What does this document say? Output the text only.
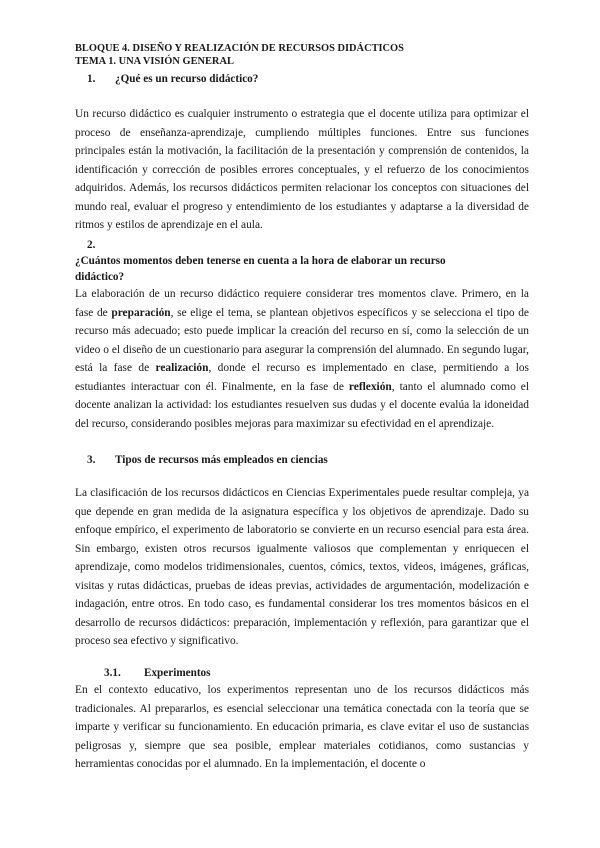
BLOQUE 4. DISEÑO Y REALIZACIÓN DE RECURSOS DIDÁCTICOS
TEMA 1. UNA VISIÓN GENERAL
1. ¿Qué es un recurso didáctico?

Un recurso didáctico es cualquier instrumento o estrategia que el docente utiliza para optimizar el proceso de enseñanza-aprendizaje, cumpliendo múltiples funciones. Entre sus funciones principales están la motivación, la facilitación de la presentación y comprensión de contenidos, la identificación y corrección de posibles errores conceptuales, y el refuerzo de los conocimientos adquiridos. Además, los recursos didácticos permiten relacionar los conceptos con situaciones del mundo real, evaluar el progreso y entendimiento de los estudiantes y adaptarse a la diversidad de ritmos y estilos de aprendizaje en el aula.

2.¿Cuántos momentos deben tenerse en cuenta a la hora de elaborar un recurso didáctico?

La elaboración de un recurso didáctico requiere considerar tres momentos clave. Primero, en la fase de preparación, se elige el tema, se plantean objetivos específicos y se selecciona el tipo de recurso más adecuado; esto puede implicar la creación del recurso en sí, como la selección de un video o el diseño de un cuestionario para asegurar la comprensión del alumnado. En segundo lugar, está la fase de realización, donde el recurso es implementado en clase, permitiendo a los estudiantes interactuar con él. Finalmente, en la fase de reflexión, tanto el alumnado como el docente analizan la actividad: los estudiantes resuelven sus dudas y el docente evalúa la idoneidad del recurso, considerando posibles mejoras para maximizar su efectividad en el aprendizaje.

3. Tipos de recursos más empleados en ciencias

La clasificación de los recursos didácticos en Ciencias Experimentales puede resultar compleja, ya que depende en gran medida de la asignatura específica y los objetivos de aprendizaje. Dado su enfoque empírico, el experimento de laboratorio se convierte en un recurso esencial para esta área. Sin embargo, existen otros recursos igualmente valiosos que complementan y enriquecen el aprendizaje, como modelos tridimensionales, cuentos, cómics, textos, videos, imágenes, gráficas, visitas y rutas didácticas, pruebas de ideas previas, actividades de argumentación, modelización e indagación, entre otros. En todo caso, es fundamental considerar los tres momentos básicos en el desarrollo de recursos didácticos: preparación, implementación y reflexión, para garantizar que el proceso sea efectivo y significativo.

3.1. Experimentos

En el contexto educativo, los experimentos representan uno de los recursos didácticos más tradicionales. Al prepararlos, es esencial seleccionar una temática conectada con la teoría que se imparte y verificar su funcionamiento. En educación primaria, es clave evitar el uso de sustancias peligrosas y, siempre que sea posible, emplear materiales cotidianos, como sustancias y herramientas conocidas por el alumnado. En la implementación, el docente o
